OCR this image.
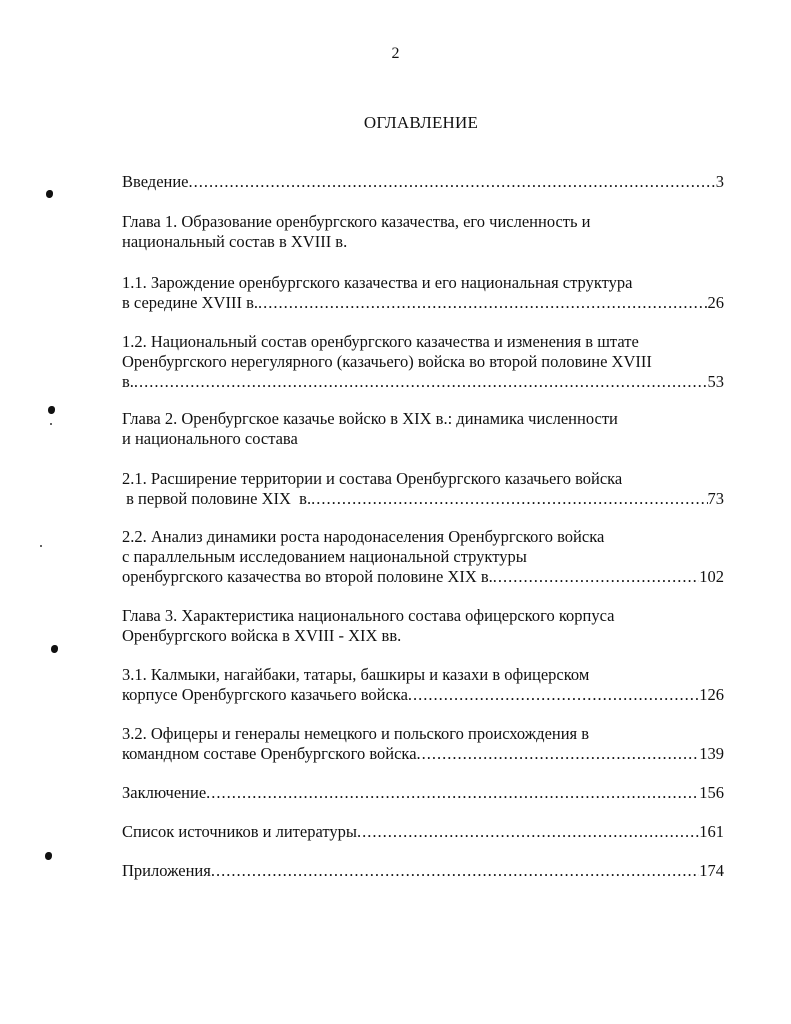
2
ОГЛАВЛЕНИЕ
Введение .....	3
Глава 1. Образование оренбургского казачества, его численность и
национальный состав в XVIII в.
1.1. Зарождение оренбургского казачества и его национальная структура
в середине XVIII в. .....	26
1.2. Национальный состав оренбургского казачества и изменения в штате
Оренбургского нерегулярного (казачьего) войска во второй половине XVIII
в. .....	53
Глава 2. Оренбургское казачье войско в XIX в.: динамика численности
и национального состава
2.1. Расширение территории и состава Оренбургского казачьего войска
в первой половине XIX  в. .....	73
2.2. Анализ динамики роста народонаселения Оренбургского войска
с параллельным исследованием национальной структуры
оренбургского казачества во второй половине XIX в. .....	102
Глава 3. Характеристика национального состава офицерского корпуса
Оренбургского войска в XVIII - XIX вв.
3.1. Калмыки, нагайбаки, татары, башкиры и казахи в офицерском
корпусе Оренбургского казачьего войска .....	126
3.2. Офицеры и генералы немецкого и польского происхождения в
командном составе Оренбургского войска .....	139
Заключение .....	156
Список источников и литературы .....	161
Приложения .....	174
